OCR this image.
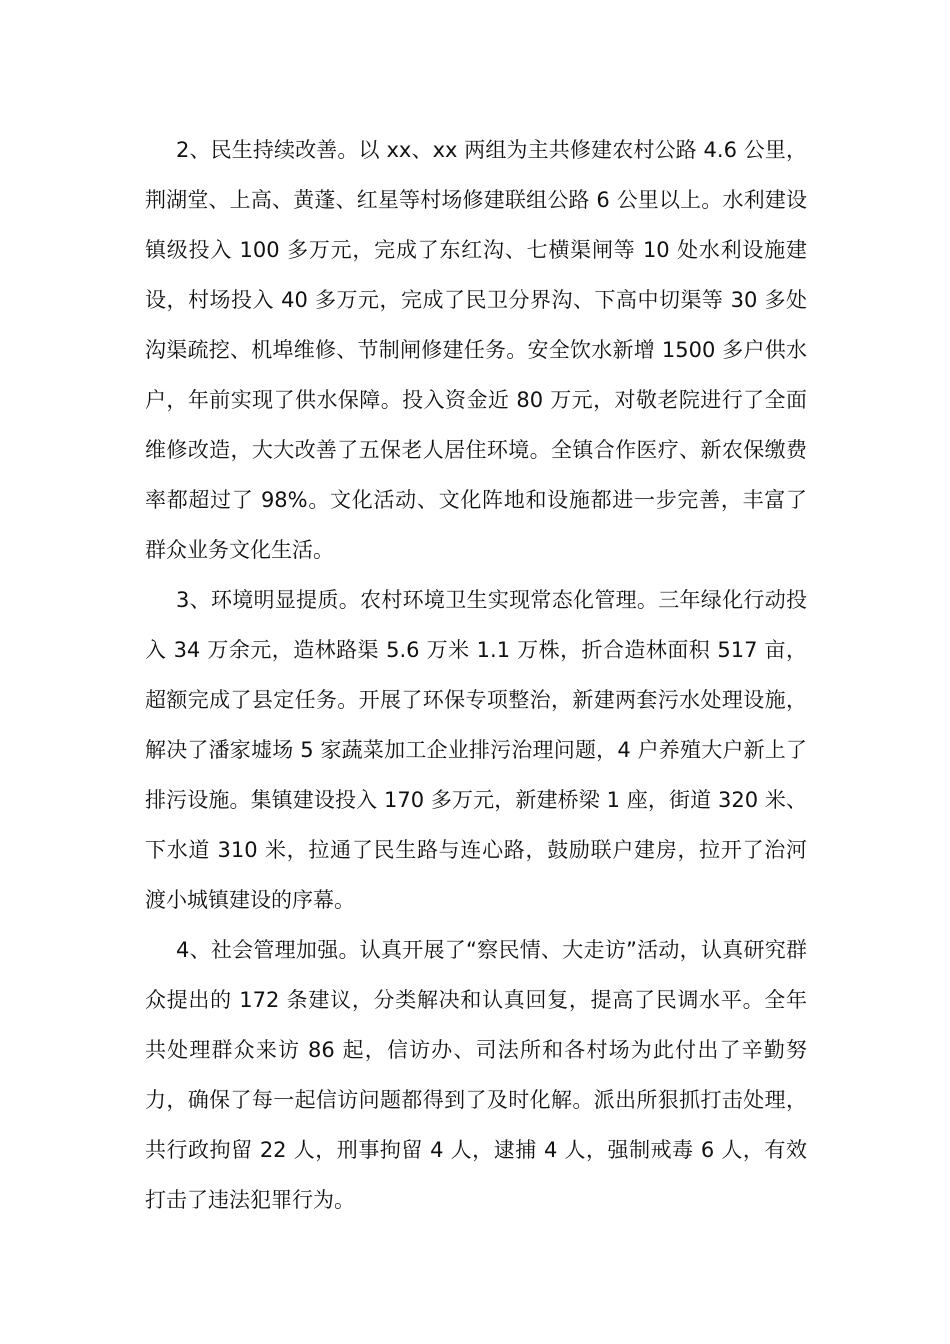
2、民生持续改善。以 xx、xx 两组为主共修建农村公路 4.6 公里，荆湖堂、上高、黄蓬、红星等村场修建联组公路 6 公里以上。水利建设镇级投入 100 多万元，完成了东红沟、七横渠闸等 10 处水利设施建设，村场投入 40 多万元，完成了民卫分界沟、下高中切渠等 30 多处沟渠疏挖、机埠维修、节制闸修建任务。安全饮水新增 1500 多户供水户，年前实现了供水保障。投入资金近 80 万元，对敬老院进行了全面维修改造，大大改善了五保老人居住环境。全镇合作医疗、新农保缴费率都超过了 98%。文化活动、文化阵地和设施都进一步完善，丰富了群众业务文化生活。

3、环境明显提质。农村环境卫生实现常态化管理。三年绿化行动投入 34 万余元，造林路渠 5.6 万米 1.1 万株，折合造林面积 517 亩，超额完成了县定任务。开展了环保专项整治，新建两套污水处理设施，解决了潘家墟场 5 家蔬菜加工企业排污治理问题，4 户养殖大户新上了排污设施。集镇建设投入 170 多万元，新建桥梁 1 座，街道 320 米、下水道 310 米，拉通了民生路与连心路，鼓励联户建房，拉开了治河渡小城镇建设的序幕。

4、社会管理加强。认真开展了“察民情、大走访”活动，认真研究群众提出的 172 条建议，分类解决和认真回复，提高了民调水平。全年共处理群众来访 86 起，信访办、司法所和各村场为此付出了辛勤努力，确保了每一起信访问题都得到了及时化解。派出所狠抓打击处理，共行政拘留 22 人，刑事拘留 4 人，逮捕 4 人，强制戒毒 6 人，有效打击了违法犯罪行为。
